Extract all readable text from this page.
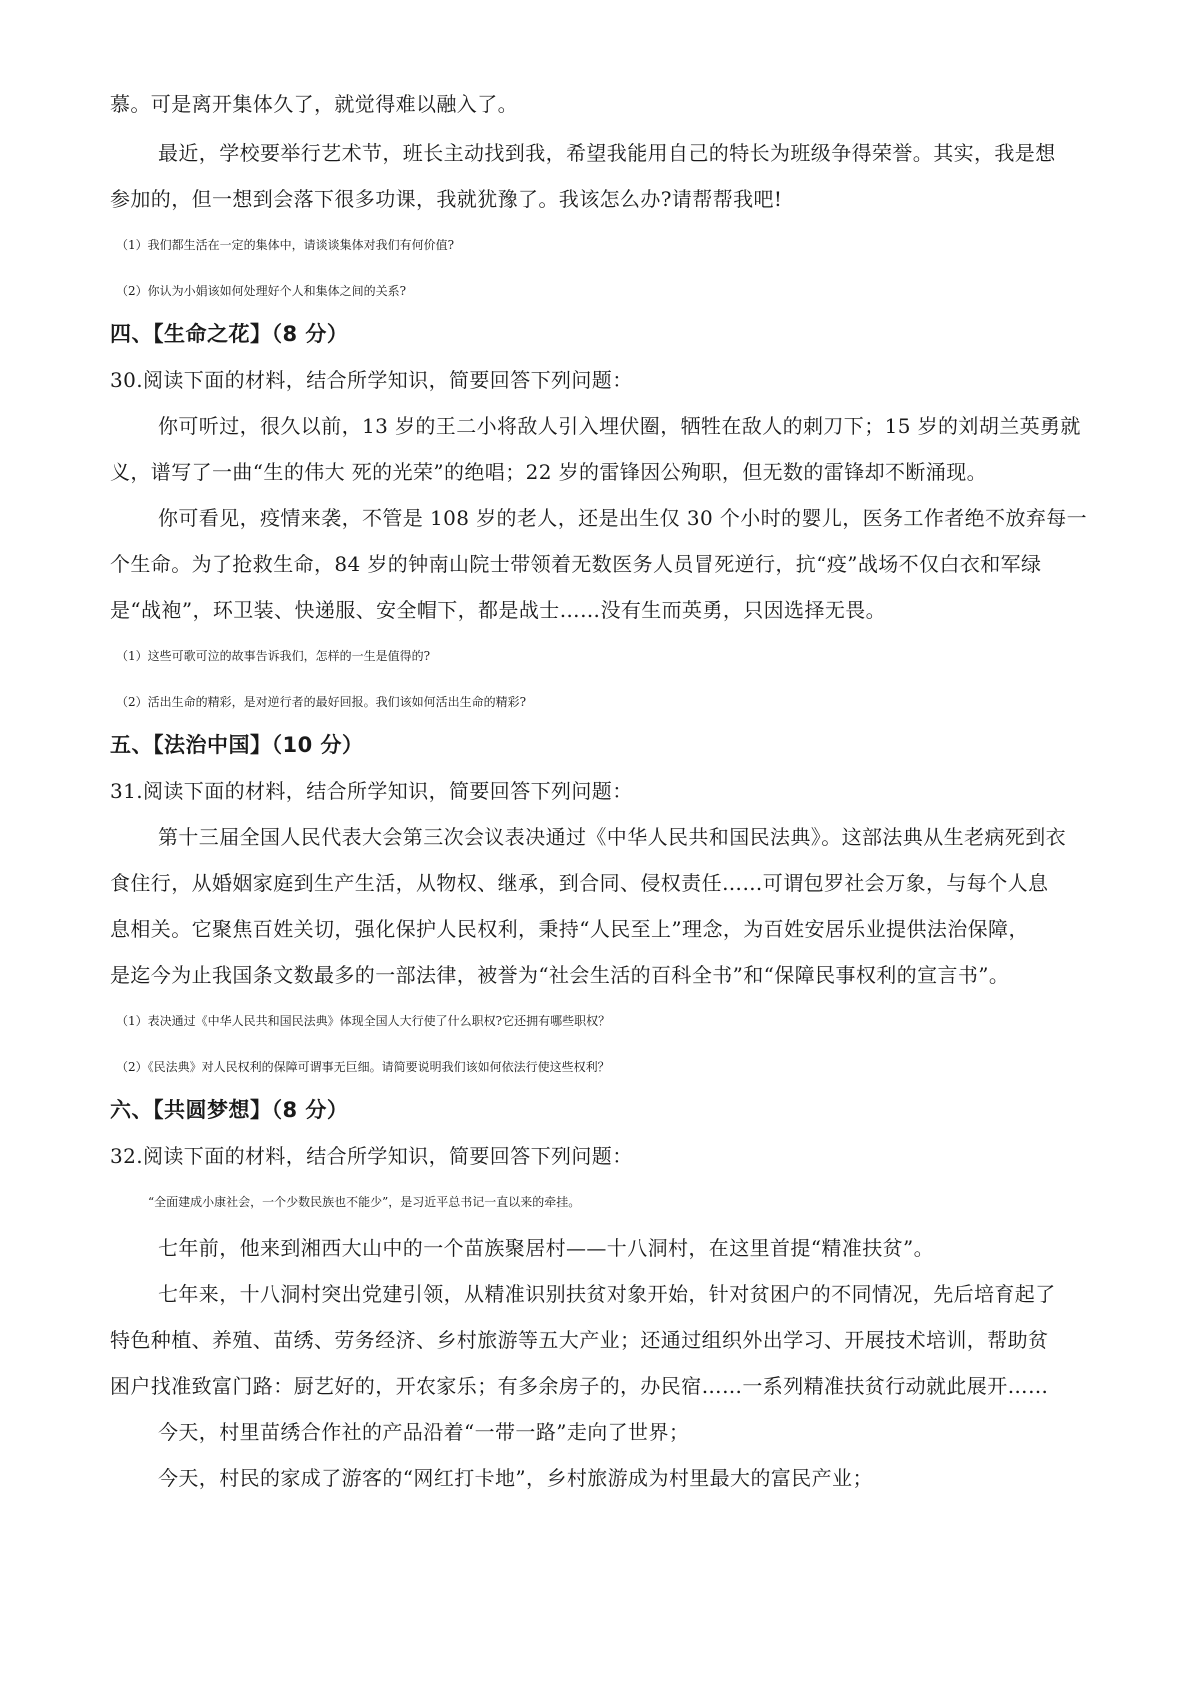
慕。可是离开集体久了，就觉得难以融入了。
最近，学校要举行艺术节，班长主动找到我，希望我能用自己的特长为班级争得荣誉。其实，我是想
参加的，但一想到会落下很多功课，我就犹豫了。我该怎么办?请帮帮我吧!
（1）我们都生活在一定的集体中，请谈谈集体对我们有何价值?
（2）你认为小娟该如何处理好个人和集体之间的关系?
四、【生命之花】（8 分）
30.阅读下面的材料，结合所学知识，简要回答下列问题：
你可听过，很久以前，13 岁的王二小将敌人引入埋伏圈，牺牲在敌人的刺刀下；15 岁的刘胡兰英勇就
义，谱写了一曲“生的伟大 死的光荣”的绝唱；22 岁的雷锋因公殉职，但无数的雷锋却不断涌现。
你可看见，疫情来袭，不管是 108 岁的老人，还是出生仅 30 个小时的婴儿，医务工作者绝不放弃每一
个生命。为了抢救生命，84 岁的钟南山院士带领着无数医务人员冒死逆行，抗“疫”战场不仅白衣和军绿
是“战袍”，环卫装、快递服、安全帽下，都是战士……没有生而英勇，只因选择无畏。
（1）这些可歌可泣的故事告诉我们，怎样的一生是值得的?
（2）活出生命的精彩，是对逆行者的最好回报。我们该如何活出生命的精彩?
五、【法治中国】（10 分）
31.阅读下面的材料，结合所学知识，简要回答下列问题：
第十三届全国人民代表大会第三次会议表决通过《中华人民共和国民法典》。这部法典从生老病死到衣
食住行，从婚姻家庭到生产生活，从物权、继承，到合同、侵权责任……可谓包罗社会万象，与每个人息
息相关。它聚焦百姓关切，强化保护人民权利，秉持“人民至上”理念，为百姓安居乐业提供法治保障，
是迄今为止我国条文数最多的一部法律，被誉为“社会生活的百科全书”和“保障民事权利的宣言书”。
（1）表决通过《中华人民共和国民法典》体现全国人大行使了什么职权?它还拥有哪些职权？
（2）《民法典》对人民权利的保障可谓事无巨细。请简要说明我们该如何依法行使这些权利？
六、【共圆梦想】（8 分）
32.阅读下面的材料，结合所学知识，简要回答下列问题：
“全面建成小康社会，一个少数民族也不能少”，是习近平总书记一直以来的牵挂。
七年前，他来到湘西大山中的一个苗族聚居村——十八洞村，在这里首提“精准扶贫”。
七年来，十八洞村突出党建引领，从精准识别扶贫对象开始，针对贫困户的不同情况，先后培育起了
特色种植、养殖、苗绣、劳务经济、乡村旅游等五大产业；还通过组织外出学习、开展技术培训，帮助贫
困户找准致富门路：厨艺好的，开农家乐；有多余房子的，办民宿……一系列精准扶贫行动就此展开……
今天，村里苗绣合作社的产品沿着“一带一路”走向了世界；
今天，村民的家成了游客的“网红打卡地”，乡村旅游成为村里最大的富民产业；
